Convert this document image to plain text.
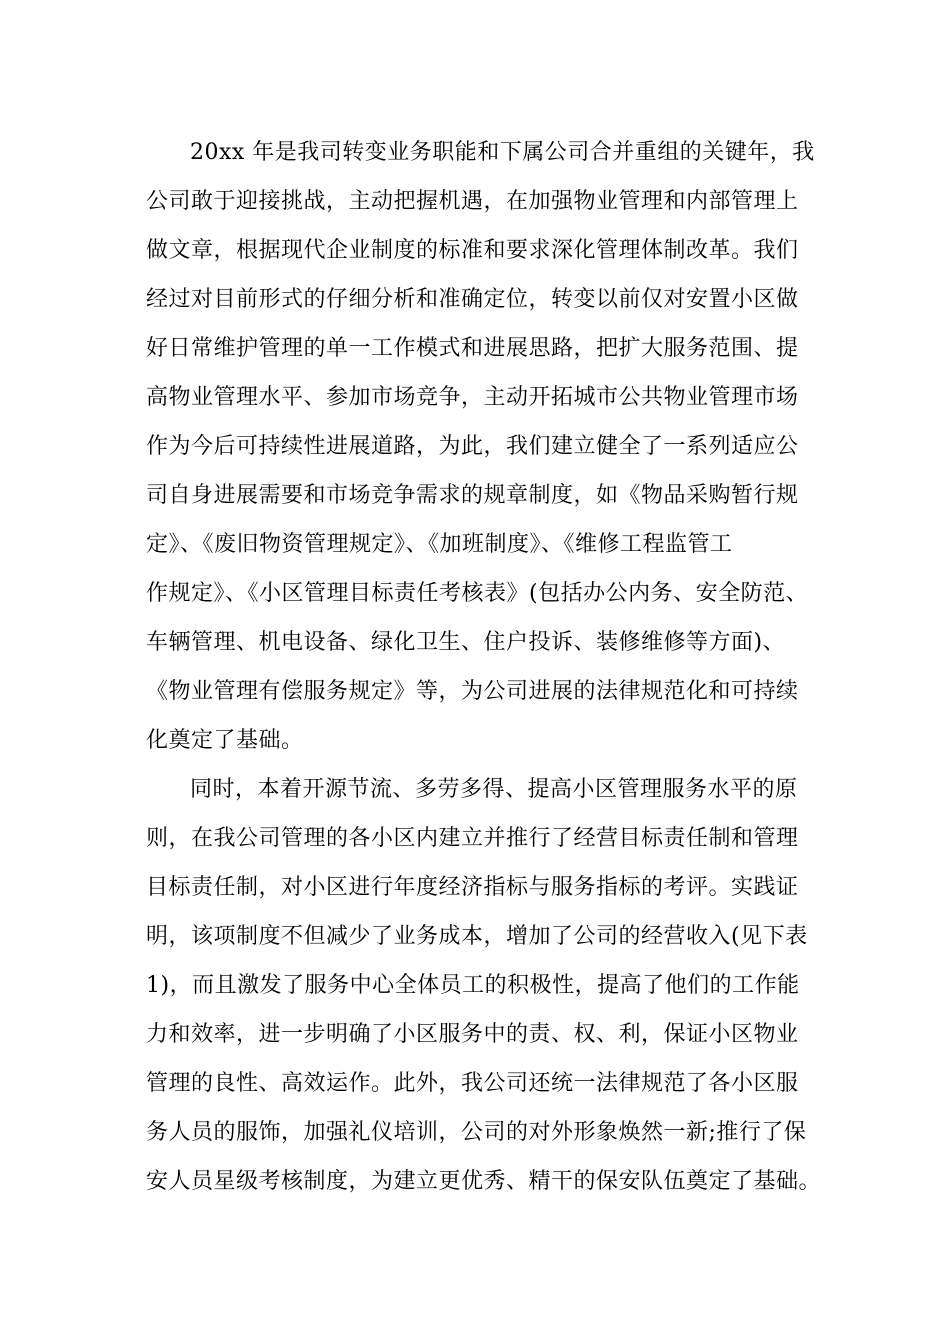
20xx 年是我司转变业务职能和下属公司合并重组的关键年，我
公司敢于迎接挑战，主动把握机遇，在加强物业管理和内部管理上
做文章，根据现代企业制度的标准和要求深化管理体制改革。我们
经过对目前形式的仔细分析和准确定位，转变以前仅对安置小区做
好日常维护管理的单一工作模式和进展思路，把扩大服务范围、提
高物业管理水平、参加市场竞争，主动开拓城市公共物业管理市场
作为今后可持续性进展道路，为此，我们建立健全了一系列适应公
司自身进展需要和市场竞争需求的规章制度，如《物品采购暂行规
定》、《废旧物资管理规定》、《加班制度》、《维修工程监管工
作规定》、《小区管理目标责任考核表》(包括办公内务、安全防范、
车辆管理、机电设备、绿化卫生、住户投诉、装修维修等方面)、
《物业管理有偿服务规定》等，为公司进展的法律规范化和可持续
化奠定了基础。
同时，本着开源节流、多劳多得、提高小区管理服务水平的原
则，在我公司管理的各小区内建立并推行了经营目标责任制和管理
目标责任制，对小区进行年度经济指标与服务指标的考评。实践证
明，该项制度不但减少了业务成本，增加了公司的经营收入(见下表
1)，而且激发了服务中心全体员工的积极性，提高了他们的工作能
力和效率，进一步明确了小区服务中的责、权、利，保证小区物业
管理的良性、高效运作。此外，我公司还统一法律规范了各小区服
务人员的服饰，加强礼仪培训，公司的对外形象焕然一新;推行了保
安人员星级考核制度，为建立更优秀、精干的保安队伍奠定了基础。
